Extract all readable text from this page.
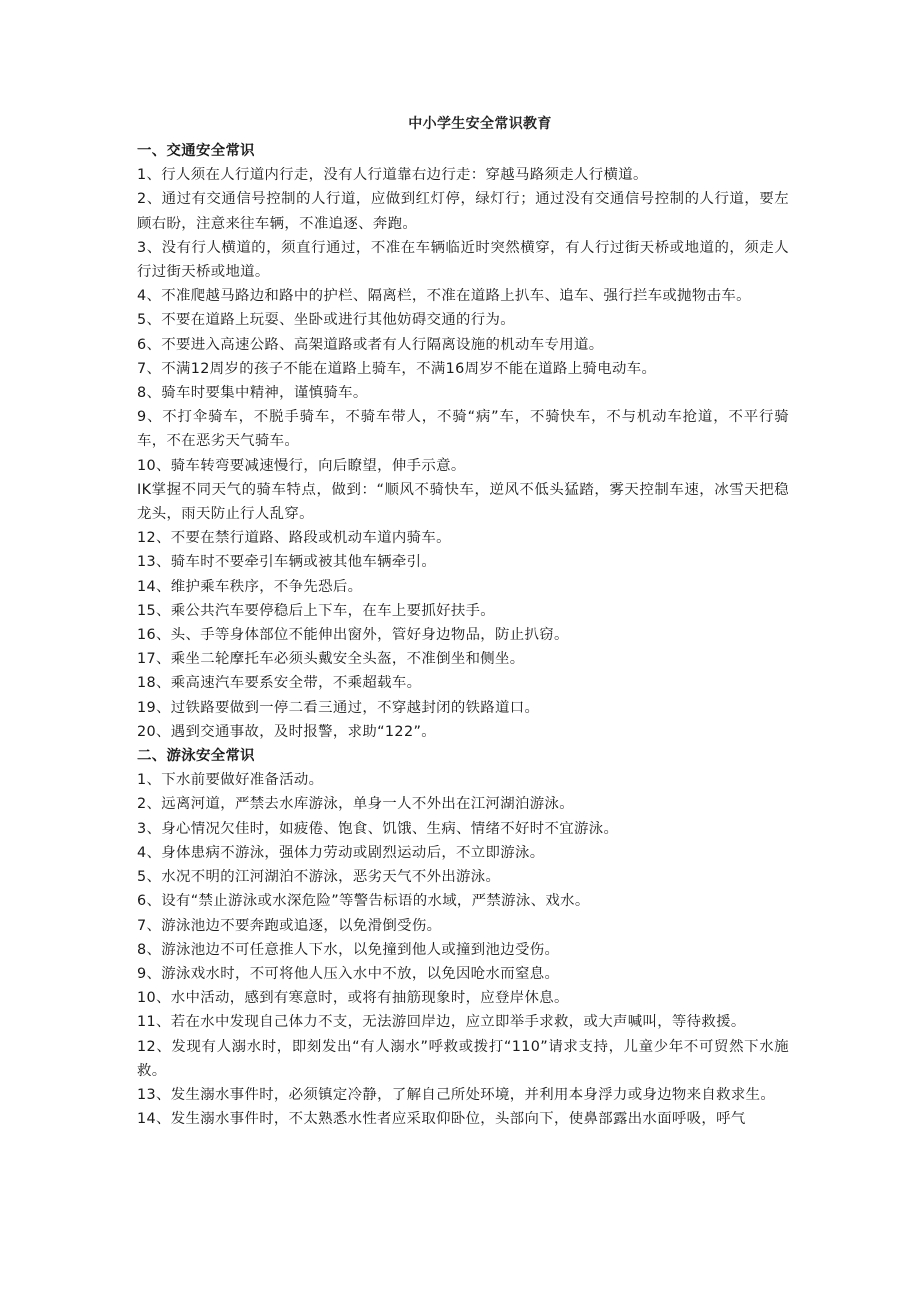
中小学生安全常识教育

一、交通安全常识

1、行人须在人行道内行走，没有人行道靠右边行走：穿越马路须走人行横道。

2、通过有交通信号控制的人行道，应做到红灯停，绿灯行；通过没有交通信号控制的人行道，要左顾右盼，注意来往车辆，不准追逐、奔跑。

3、没有行人横道的，须直行通过，不准在车辆临近时突然横穿，有人行过街天桥或地道的，须走人行过街天桥或地道。

4、不准爬越马路边和路中的护栏、隔离栏，不准在道路上扒车、追车、强行拦车或抛物击车。

5、不要在道路上玩耍、坐卧或进行其他妨碍交通的行为。

6、不要进入高速公路、高架道路或者有人行隔离设施的机动车专用道。

7、不满12周岁的孩子不能在道路上骑车，不满16周岁不能在道路上骑电动车。

8、骑车时要集中精神，谨慎骑车。

9、不打伞骑车，不脱手骑车，不骑车带人，不骑“病”车，不骑快车，不与机动车抢道，不平行骑车，不在恶劣天气骑车。

10、骑车转弯要减速慢行，向后瞭望，伸手示意。

IK掌握不同天气的骑车特点，做到：“顺风不骑快车，逆风不低头猛踏，雾天控制车速，冰雪天把稳龙头，雨天防止行人乱穿。

12、不要在禁行道路、路段或机动车道内骑车。

13、骑车时不要牵引车辆或被其他车辆牵引。

14、维护乘车秩序，不争先恐后。

15、乘公共汽车要停稳后上下车，在车上要抓好扶手。

16、头、手等身体部位不能伸出窗外，管好身边物品，防止扒窃。

17、乘坐二轮摩托车必须头戴安全头盔，不准倒坐和侧坐。

18、乘高速汽车要系安全带，不乘超载车。

19、过铁路要做到一停二看三通过，不穿越封闭的铁路道口。

20、遇到交通事故，及时报警，求助“122”。

二、游泳安全常识

1、下水前要做好准备活动。

2、远离河道，严禁去水库游泳，单身一人不外出在江河湖泊游泳。

3、身心情况欠佳时，如疲倦、饱食、饥饿、生病、情绪不好时不宜游泳。

4、身体患病不游泳，强体力劳动或剧烈运动后，不立即游泳。

5、水况不明的江河湖泊不游泳，恶劣天气不外出游泳。

6、设有“禁止游泳或水深危险”等警告标语的水域，严禁游泳、戏水。

7、游泳池边不要奔跑或追逐，以免滑倒受伤。

8、游泳池边不可任意推人下水，以免撞到他人或撞到池边受伤。

9、游泳戏水时，不可将他人压入水中不放，以免因呛水而窒息。

10、水中活动，感到有寒意时，或将有抽筋现象时，应登岸休息。

11、若在水中发现自己体力不支，无法游回岸边，应立即举手求救，或大声喊叫，等待救援。

12、发现有人溺水时，即刻发出“有人溺水”呼救或拨打“110”请求支持，儿童少年不可贸然下水施救。

13、发生溺水事件时，必须镇定冷静，了解自己所处环境，并利用本身浮力或身边物来自救求生。

14、发生溺水事件时，不太熟悉水性者应采取仰卧位，头部向下，使鼻部露出水面呼吸，呼气
